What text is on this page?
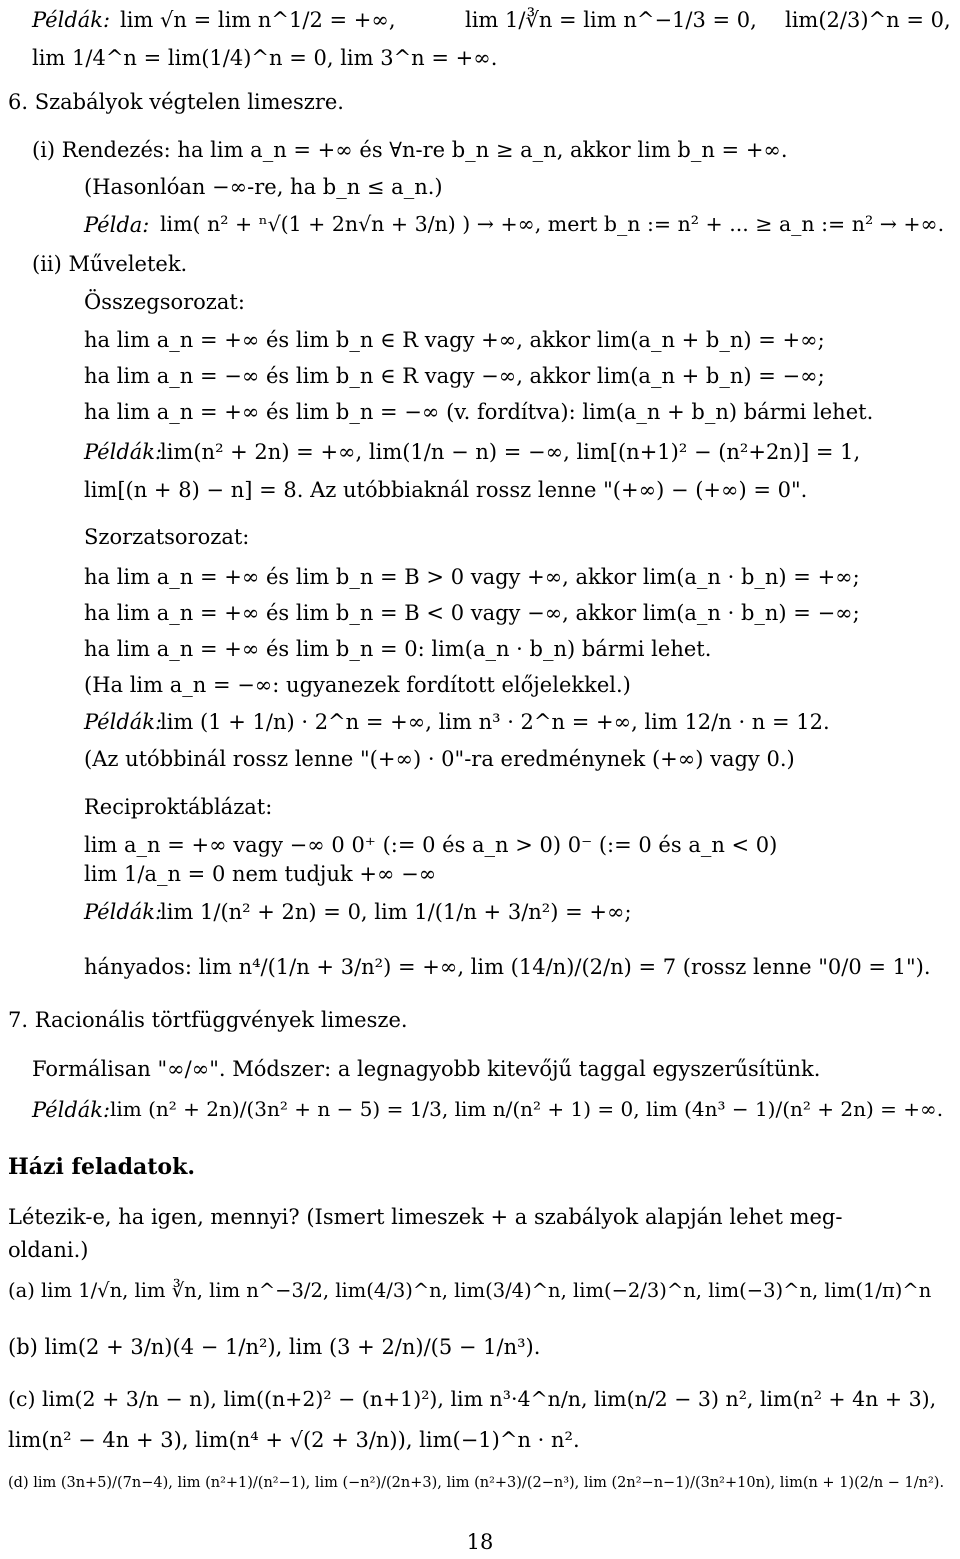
Példák: lim √n = lim n^1/2 = +∞,	lim 1/∛n = lim n^−1/3 = 0, lim(2/3)^n = 0,
lim 1/4^n = lim(1/4)^n = 0, lim 3^n = +∞.
6. Szabályok végtelen limeszre.
(i) Rendezés: ha lim a_n = +∞ és ∀n-re b_n ≥ a_n, akkor lim b_n = +∞.
(Hasonlóan −∞-re, ha b_n ≤ a_n.)
Példa: lim( n² + ⁿ√(1 + 2n√n + 3/n) ) → +∞, mert b_n := n² + ... ≥ a_n := n² → +∞.
(ii) Műveletek.
Összegsorozat:
ha lim a_n = +∞ és lim b_n ∈ R vagy +∞, akkor lim(a_n + b_n) = +∞;
ha lim a_n = −∞ és lim b_n ∈ R vagy −∞, akkor lim(a_n + b_n) = −∞;
ha lim a_n = +∞ és lim b_n = −∞ (v. fordítva): lim(a_n + b_n) bármi lehet.
Példák:
lim(n² + 2n) = +∞, lim(1/n − n) = −∞, lim[(n+1)² − (n²+2n)] = 1,
lim[(n + 8) − n] = 8. Az utóbbiaknál rossz lenne "(+∞) − (+∞) = 0".
Szorzatsorozat:
ha lim a_n = +∞ és lim b_n = B > 0 vagy +∞, akkor lim(a_n · b_n) = +∞;
ha lim a_n = +∞ és lim b_n = B < 0 vagy −∞, akkor lim(a_n · b_n) = −∞;
ha lim a_n = +∞ és lim b_n = 0: lim(a_n · b_n) bármi lehet.
(Ha lim a_n = −∞: ugyanezek fordított előjelekkel.)
Példák:
lim (1 + 1/n) · 2^n = +∞, lim n³ · 2^n = +∞, lim 12/n · n = 12.
(Az utóbbinál rossz lenne "(+∞) · 0"-ra eredménynek (+∞) vagy 0.)
Reciproktáblázat:
lim a_n = +∞ vagy −∞ 0 0⁺ (:= 0 és a_n > 0) 0⁻ (:= 0 és a_n < 0)
lim 1/a_n = 0 nem tudjuk +∞ −∞
Példák:
lim 1/(n² + 2n) = 0, lim 1/(1/n + 3/n²) = +∞;
hányados: lim n⁴/(1/n + 3/n²) = +∞, lim (14/n)/(2/n) = 7 (rossz lenne "0/0 = 1").
7. Racionális törtfüggvények limesze.
Formálisan "∞/∞". Módszer: a legnagyobb kitevőjű taggal egyszerűsítünk.
Példák: lim (n² + 2n)/(3n² + n − 5) = 1/3, lim n/(n² + 1) = 0, lim (4n³ − 1)/(n² + 2n) = +∞.
Házi feladatok.
Létezik-e, ha igen, mennyi? (Ismert limeszek + a szabályok alapján lehet meg-
oldani.)
(a) lim 1/√n, lim ∛n, lim n^−3/2, lim(4/3)^n, lim(3/4)^n, lim(−2/3)^n, lim(−3)^n, lim(1/π)^n
(b) lim(2 + 3/n)(4 − 1/n²), lim (3 + 2/n)/(5 − 1/n³).
(c) lim(2 + 3/n − n), lim((n+2)² − (n+1)²), lim n³·4^n/n, lim(n/2 − 3) n², lim(n² + 4n + 3),
lim(n² − 4n + 3), lim(n⁴ + √(2 + 3/n)), lim(−1)^n · n².
(d) lim (3n+5)/(7n−4), lim (n²+1)/(n²−1), lim (−n²)/(2n+3), lim (n²+3)/(2−n³), lim (2n²−n−1)/(3n²+10n), lim(n + 1)(2/n − 1/n²).
18
